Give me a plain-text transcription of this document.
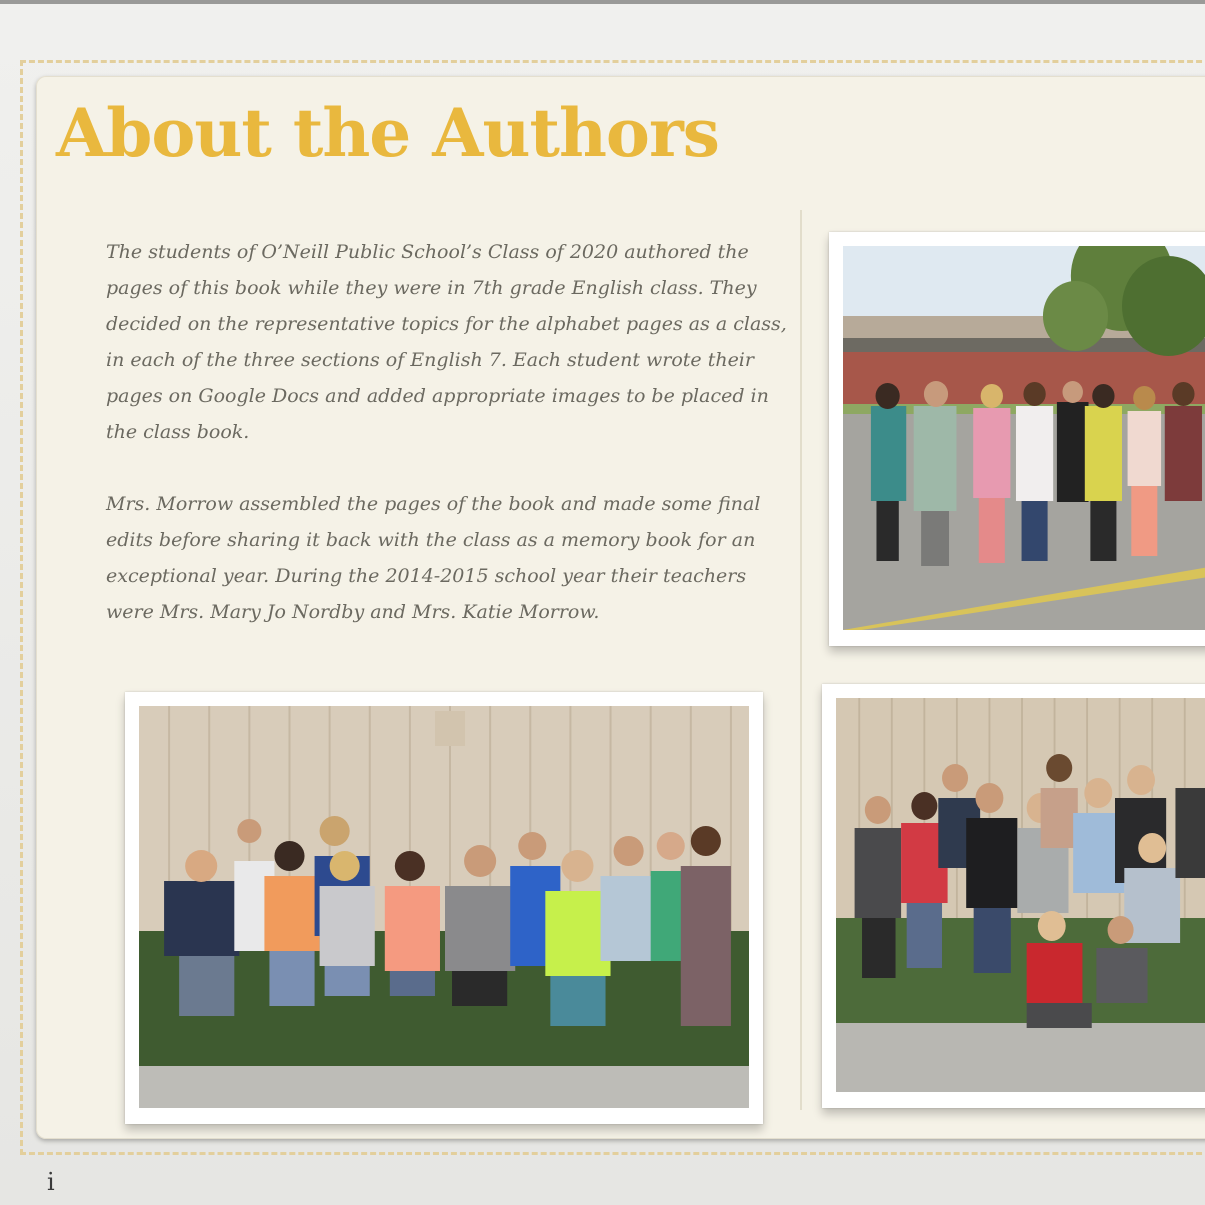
About the Authors

The students of O’Neill Public School’s Class of 2020 authored the pages of this book while they were in 7th grade English class. They decided on the representative topics for the alphabet pages as a class, in each of the three sections of English 7. Each student wrote their pages on Google Docs and added appropriate images to be placed in the class book.

Mrs. Morrow assembled the pages of the book and made some final edits before sharing it back with the class as a memory book for an exceptional year. During the 2014-2015 school year their teachers were Mrs. Mary Jo Nordby and Mrs. Katie Morrow.

i
